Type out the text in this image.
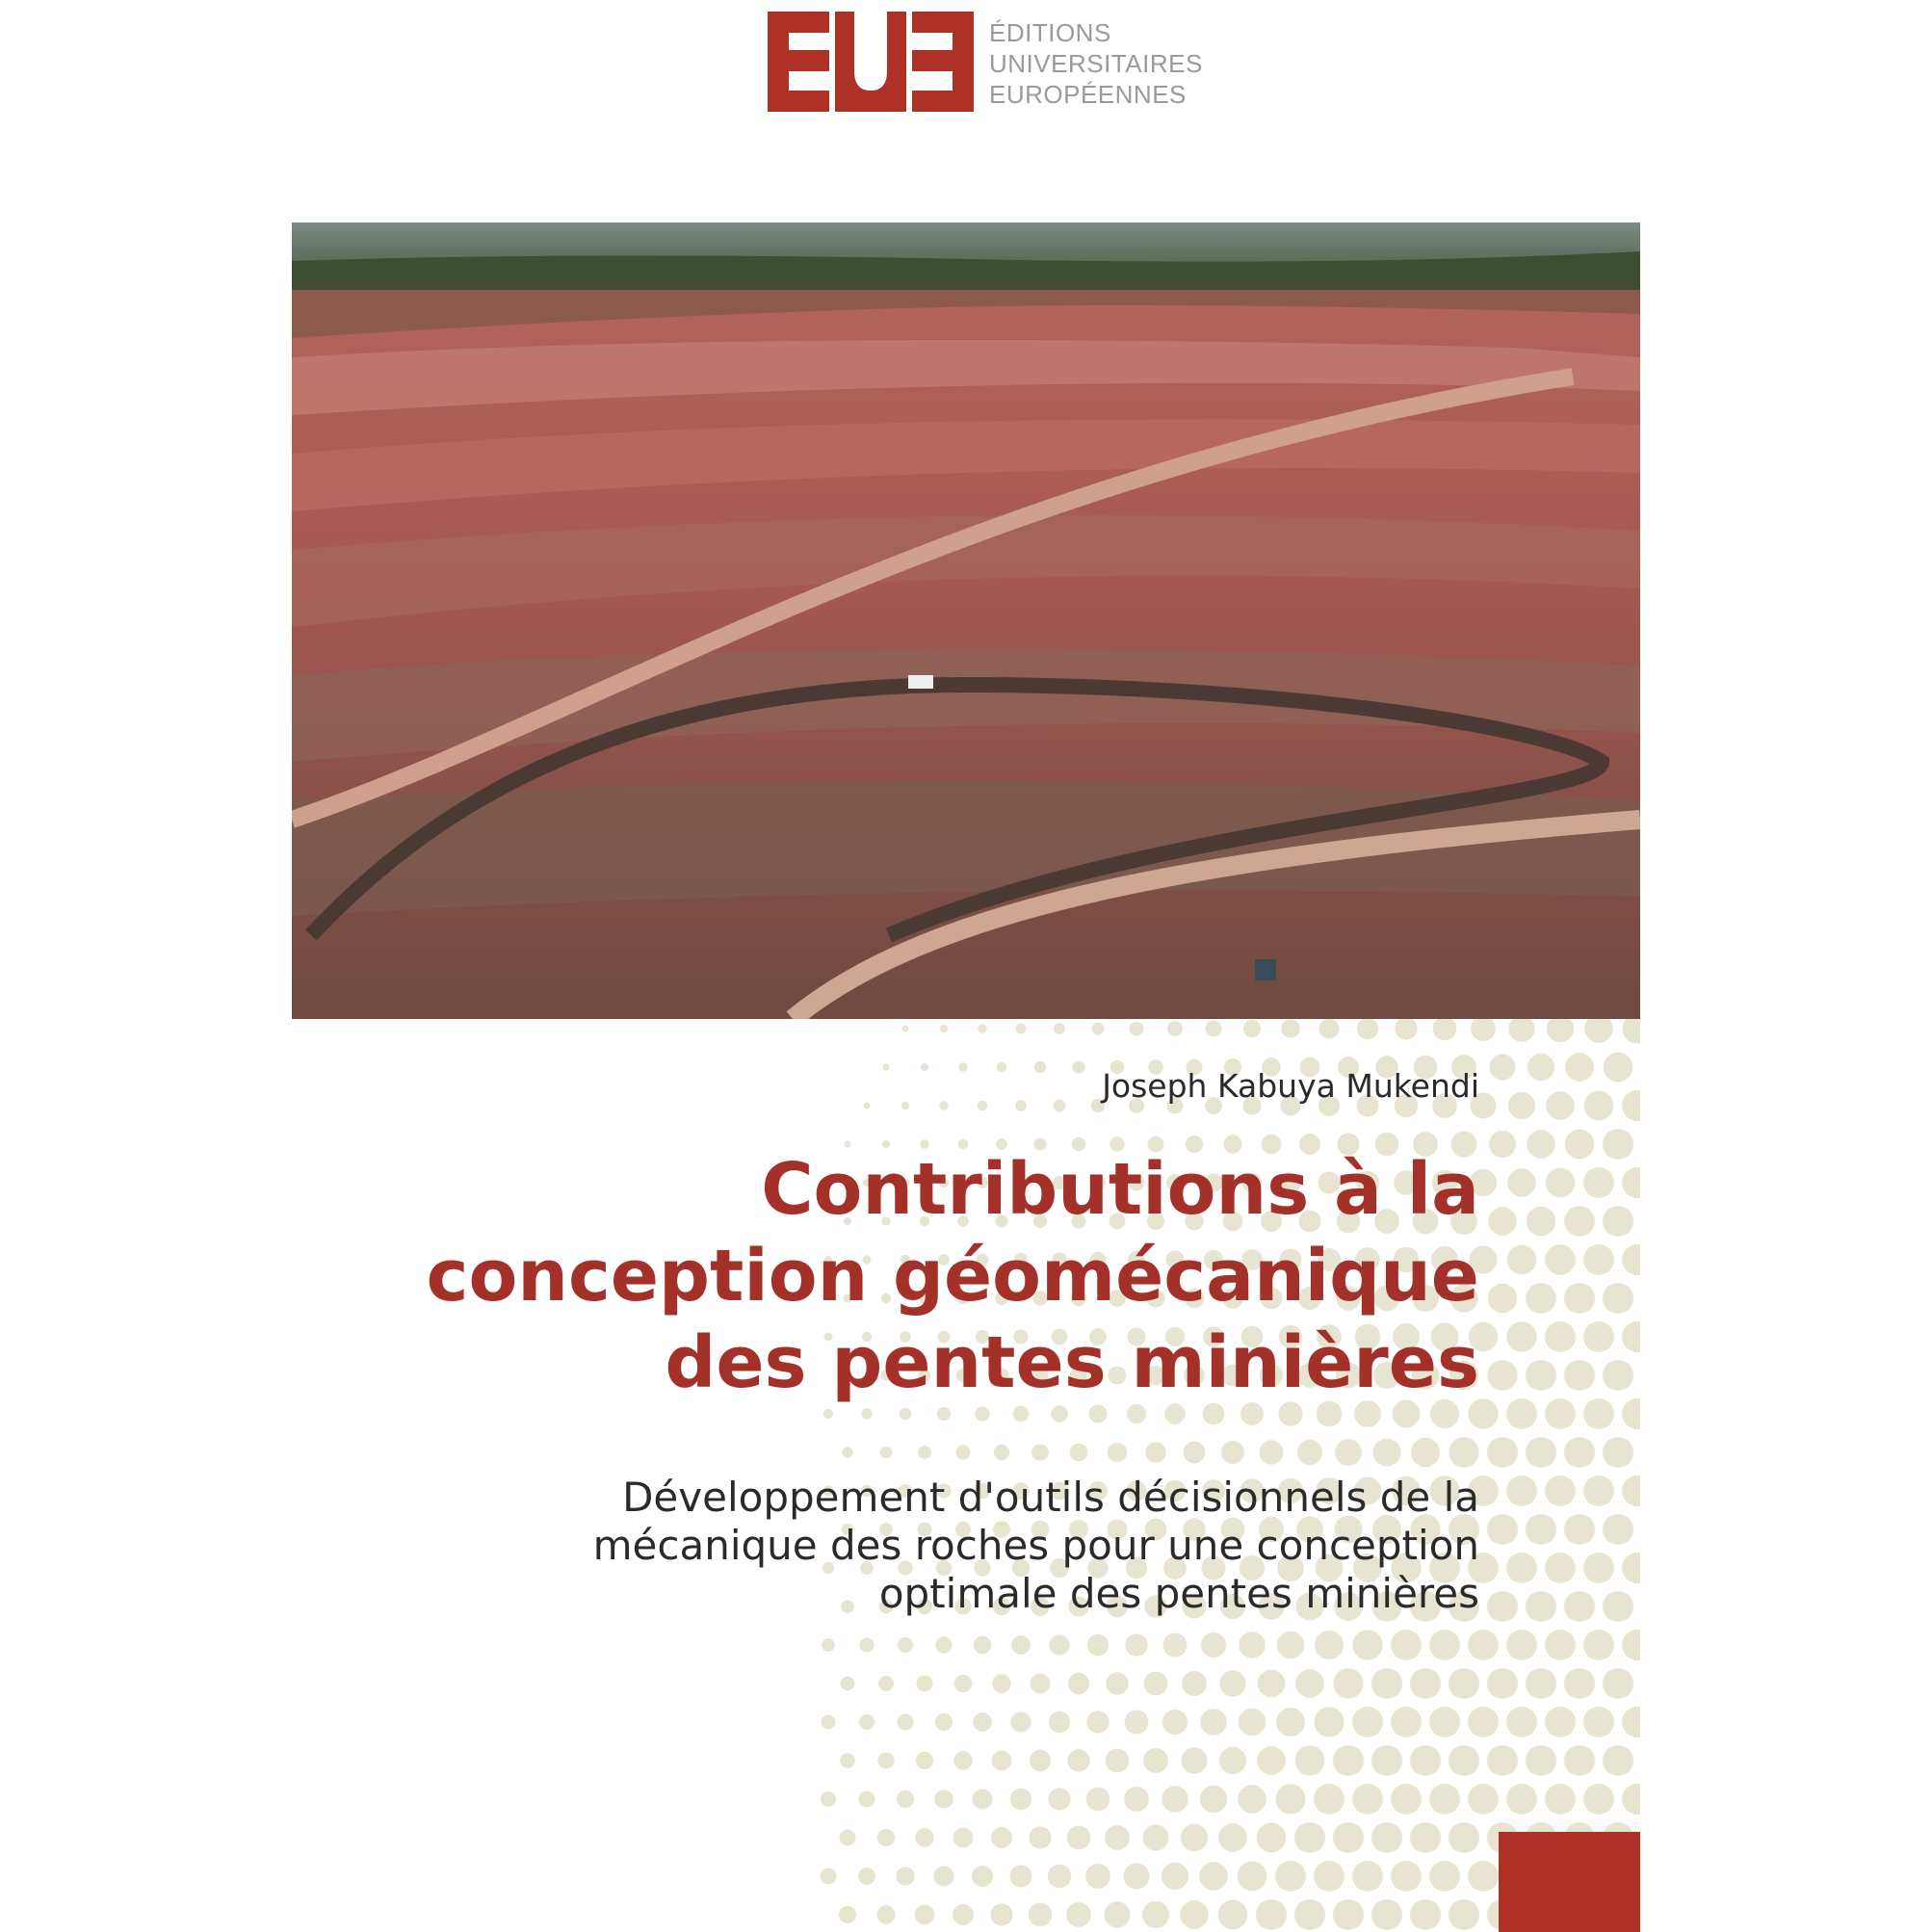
ÉDITIONS
UNIVERSITAIRES
EUROPÉENNES
Joseph Kabuya Mukendi
Contributions à la
conception géomécanique
des pentes minières
Développement d'outils décisionnels de la
mécanique des roches pour une conception
optimale des pentes minières
